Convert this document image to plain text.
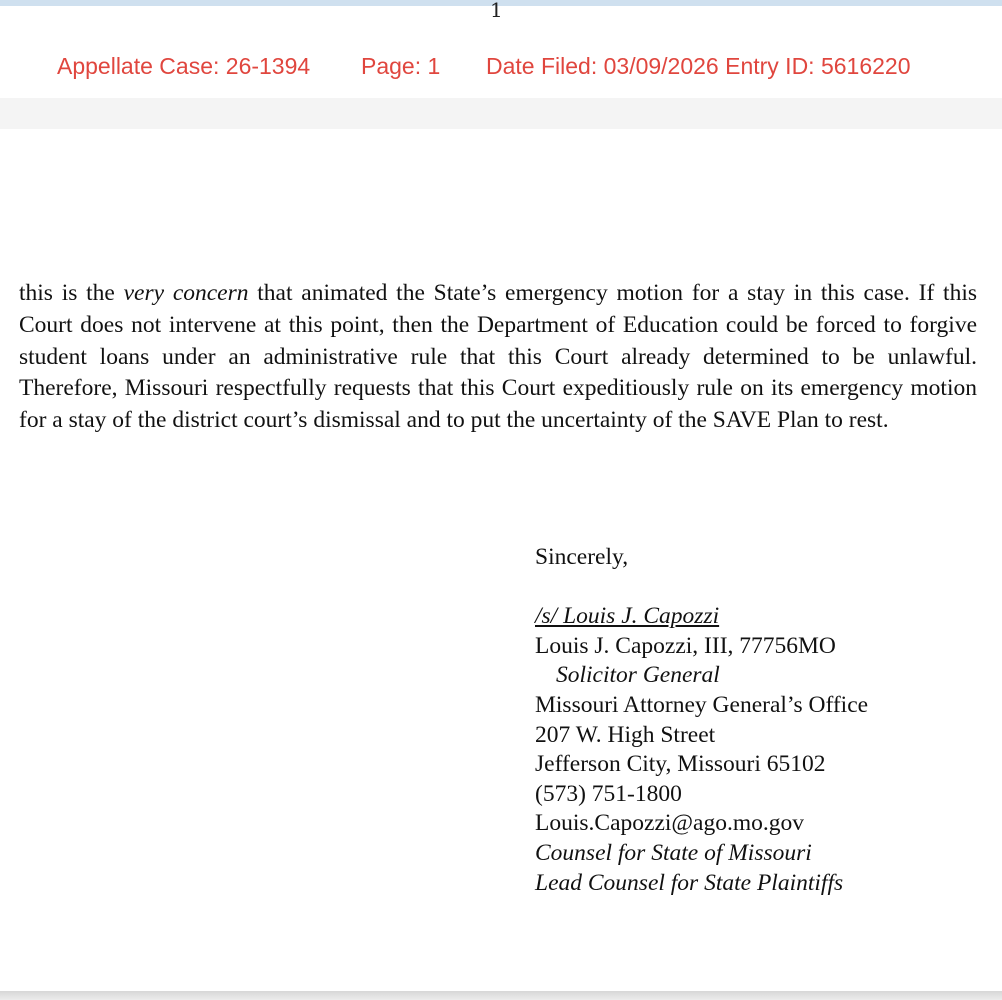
Appellate Case: 26-1394 Page: 1 Date Filed: 03/09/2026 Entry ID: 5616220
1

this is the very concern that animated the State’s emergency motion for a stay in this case. If this Court does not intervene at this point, then the Department of Education could be forced to forgive student loans under an administrative rule that this Court already determined to be unlawful. Therefore, Missouri respectfully requests that this Court expeditiously rule on its emergency motion for a stay of the district court’s dismissal and to put the uncertainty of the SAVE Plan to rest.

Sincerely,
/s/ Louis J. Capozzi
Louis J. Capozzi, III, 77756MO
Solicitor General
Missouri Attorney General’s Office
207 W. High Street
Jefferson City, Missouri 65102
(573) 751-1800
Louis.Capozzi@ago.mo.gov
Counsel for State of Missouri
Lead Counsel for State Plaintiffs
